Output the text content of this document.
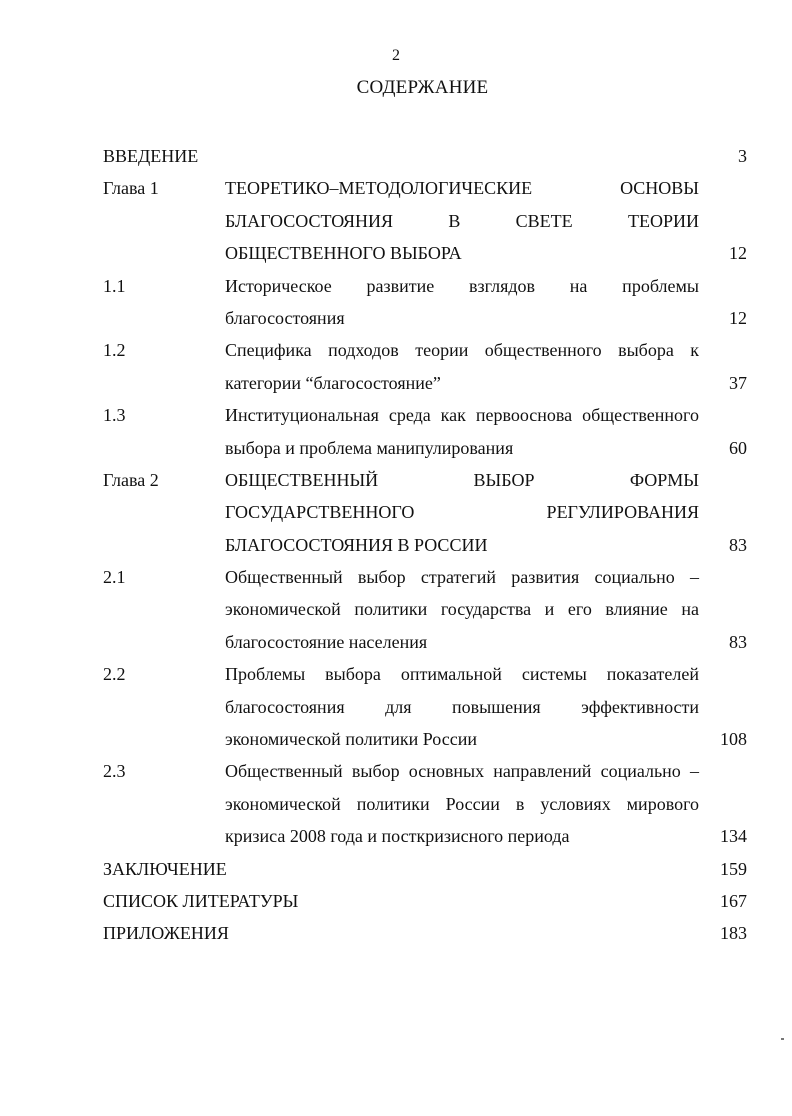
2
СОДЕРЖАНИЕ
ВВЕДЕНИЕ	3
Глава 1	ТЕОРЕТИКО–МЕТОДОЛОГИЧЕСКИЕ ОСНОВЫ
БЛАГОСОСТОЯНИЯ В СВЕТЕ ТЕОРИИ
ОБЩЕСТВЕННОГО ВЫБОРА	12
1.1	Историческое развитие взглядов на проблемы
благосостояния	12
1.2	Специфика подходов теории общественного выбора к
категории “благосостояние”	37
1.3	Институциональная среда как первооснова общественного
выбора и проблема манипулирования	60
Глава 2	ОБЩЕСТВЕННЫЙ ВЫБОР ФОРМЫ
ГОСУДАРСТВЕННОГО РЕГУЛИРОВАНИЯ
БЛАГОСОСТОЯНИЯ В РОССИИ	83
2.1	Общественный выбор стратегий развития социально –
экономической политики государства и его влияние на
благосостояние населения	83
2.2	Проблемы выбора оптимальной системы показателей
благосостояния для повышения эффективности
экономической политики России	108
2.3	Общественный выбор основных направлений социально –
экономической политики России в условиях мирового
кризиса 2008 года и посткризисного периода	134
ЗАКЛЮЧЕНИЕ	159
СПИСОК ЛИТЕРАТУРЫ	167
ПРИЛОЖЕНИЯ	183
